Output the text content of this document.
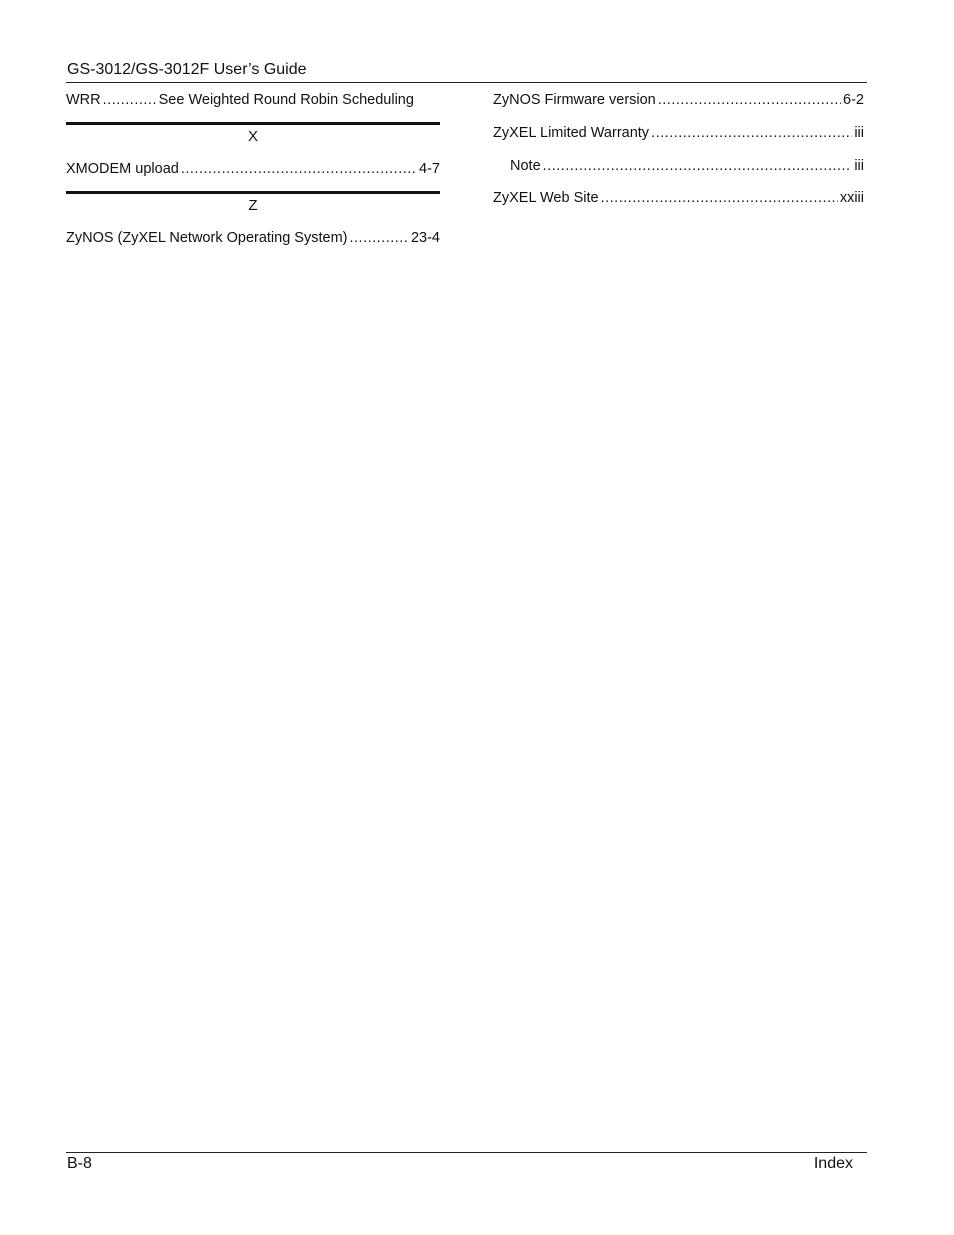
GS-3012/GS-3012F User’s Guide
WRR .....	See Weighted Round Robin Scheduling
X
XMODEM upload .....	4-7
Z
ZyNOS (ZyXEL Network Operating System) .....	23-4
ZyNOS Firmware version .....	6-2
ZyXEL Limited Warranty .....	iii
Note .....	iii
ZyXEL Web Site .....	xxiii
B-8	Index
